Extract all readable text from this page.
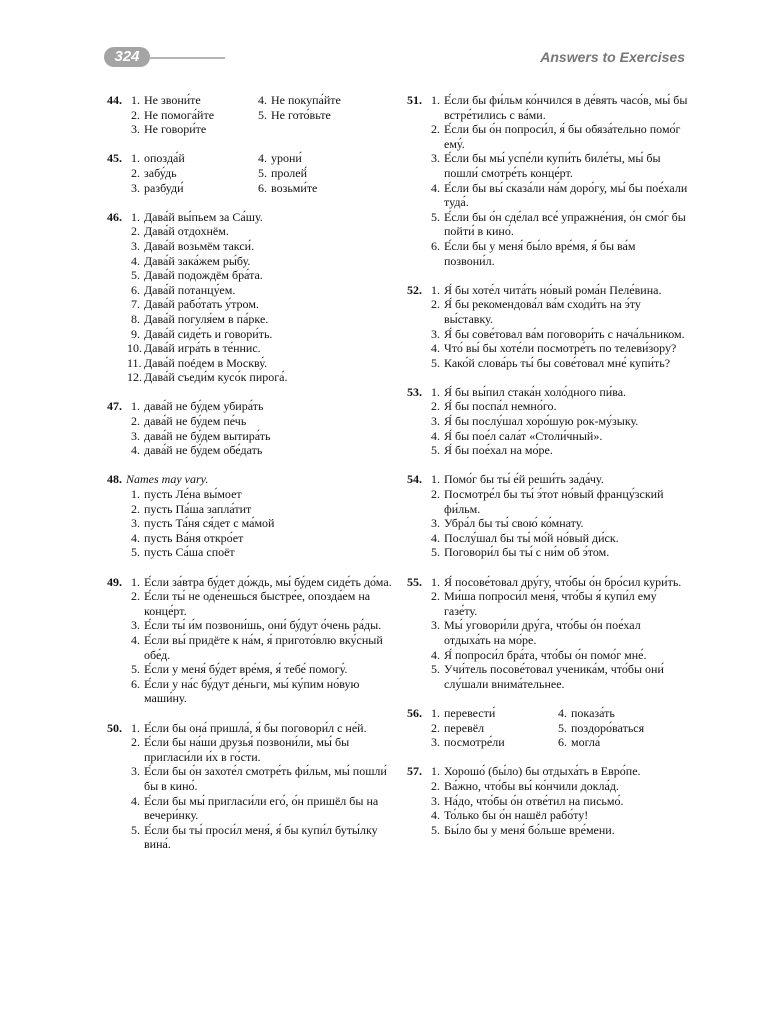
324	Answers to Exercises
44. 1. Не звони́те	4. Не покупа́йте
2. Не помога́йте	5. Не гото́вьте
3. Не говори́те
45. 1. опозда́й	4. урони́
2. забу́дь	5. пролей́
3. разбуди́	6. возьми́те
46. 1. Дава́й вы́пьем за Са́шу.
2. Дава́й отдохнём.
3. Дава́й возьмём такси́.
4. Дава́й зака́жем ры́бу.
5. Дава́й подождём бра́та.
6. Дава́й потанцу́ем.
7. Дава́й рабо́тать у́тром.
8. Дава́й погуля́ем в па́рке.
9. Дава́й сиде́ть и говори́ть.
10. Дава́й игра́ть в те́ннис.
11. Дава́й поéдем в Москву́.
12. Дава́й съеди́м кусо́к пирога́.
47. 1. дава́й не бу́дем убира́ть
2. дава́й не бу́дем пе́чь
3. дава́й не бу́дем вытира́ть
4. дава́й не бу́дем обе́дать
48. Names may vary.
1. пусть Ле́на вы́моет
2. пусть Па́ша запла́тит
3. пусть Та́ня ся́дет с ма́мой
4. пусть Ва́ня откро́ет
5. пусть Са́ша споёт
49. 1. Е́сли за́втра бу́дет до́ждь, мы́ бу́дем сиде́ть до́ма.
2. Е́сли ты́ не оде́нешься быстре́е, опозда́ем на конце́рт.
3. Е́сли ты́ и́м позвони́шь, они́ бу́дут о́чень ра́ды.
4. Е́сли вы́ придёте к на́м, я́ пригото́влю вку́сный обе́д.
5. Е́сли у меня́ бу́дет вре́мя, я́ тебе́ помогу́.
6. Е́сли у на́с бу́дут де́ньги, мы́ ку́пим но́вую маши́ну.
50. 1. Е́сли бы она́ пришла́, я́ бы поговори́л с не́й.
2. Е́сли бы на́ши друзья́ позвони́ли, мы́ бы пригласи́ли и́х в го́сти.
3. Е́сли бы о́н захоте́л смотре́ть фи́льм, мы́ пошли́ бы в кино́.
4. Е́сли бы мы́ пригласи́ли его́, о́н пришёл бы на вечери́нку.
5. Е́сли бы ты́ проси́л меня́, я́ бы купи́л буты́лку вина́.
51. 1. Е́сли бы фи́льм ко́нчился в де́вять часо́в, мы́ бы встре́тились с ва́ми.
2. Е́сли бы о́н попроси́л, я́ бы обяза́тельно помо́г ему́.
3. Е́сли бы мы́ успе́ли купи́ть биле́ты, мы́ бы пошли́ смотре́ть конце́рт.
4. Е́сли бы вы́ сказа́ли на́м доро́гу, мы́ бы пое́хали туда́.
5. Е́сли бы о́н сде́лал все́ упражне́ния, о́н смо́г бы пойти́ в кино́.
6. Е́сли бы у меня́ бы́ло вре́мя, я́ бы ва́м позвони́л.
52. 1. Я́ бы хоте́л чита́ть но́вый рома́н Пеле́вина.
2. Я́ бы рекомендова́л ва́м сходи́ть на э́ту вы́ставку.
3. Я́ бы сове́товал ва́м поговори́ть с нача́льником.
4. Что́ вы́ бы хоте́ли посмотре́ть по телеви́зору?
5. Како́й слова́рь ты́ бы сове́товал мне́ купи́ть?
53. 1. Я́ бы вы́пил стака́н холо́дного пи́ва.
2. Я́ бы поспа́л немно́го.
3. Я́ бы послу́шал хоро́шую рок-му́зыку.
4. Я́ бы пое́л сала́т «Столи́чный».
5. Я́ бы пое́хал на мо́ре.
54. 1. Помо́г бы ты́ е́й реши́ть зада́чу.
2. Посмотре́л бы ты́ э́тот но́вый францу́зский фи́льм.
3. Убра́л бы ты́ свою́ ко́мнату.
4. Послу́шал бы ты́ мо́й но́вый ди́ск.
5. Поговори́л бы ты́ с ни́м об э́том.
55. 1. Я́ посове́товал дру́гу, что́бы о́н бро́сил кури́ть.
2. Ми́ша попроси́л меня́, что́бы я́ купи́л ему́ газе́ту.
3. Мы́ уговори́ли дру́га, что́бы о́н пое́хал отдыха́ть на мо́ре.
4. Я́ попроси́л бра́та, что́бы о́н помо́г мне́.
5. Учи́тель посове́товал ученика́м, что́бы они́ слу́шали внима́тельнее.
56. 1. перевести́	4. показа́ть
2. перевёл	5. поздоро́ваться
3. посмотре́ли	6. могла́
57. 1. Хорошо́ (бы́ло) бы отдыха́ть в Евро́пе.
2. Ва́жно, что́бы вы́ ко́нчили докла́д.
3. На́до, что́бы о́н отве́тил на письмо́.
4. То́лько бы о́н нашёл рабо́ту!
5. Бы́ло бы у меня́ бо́льше вре́мени.
